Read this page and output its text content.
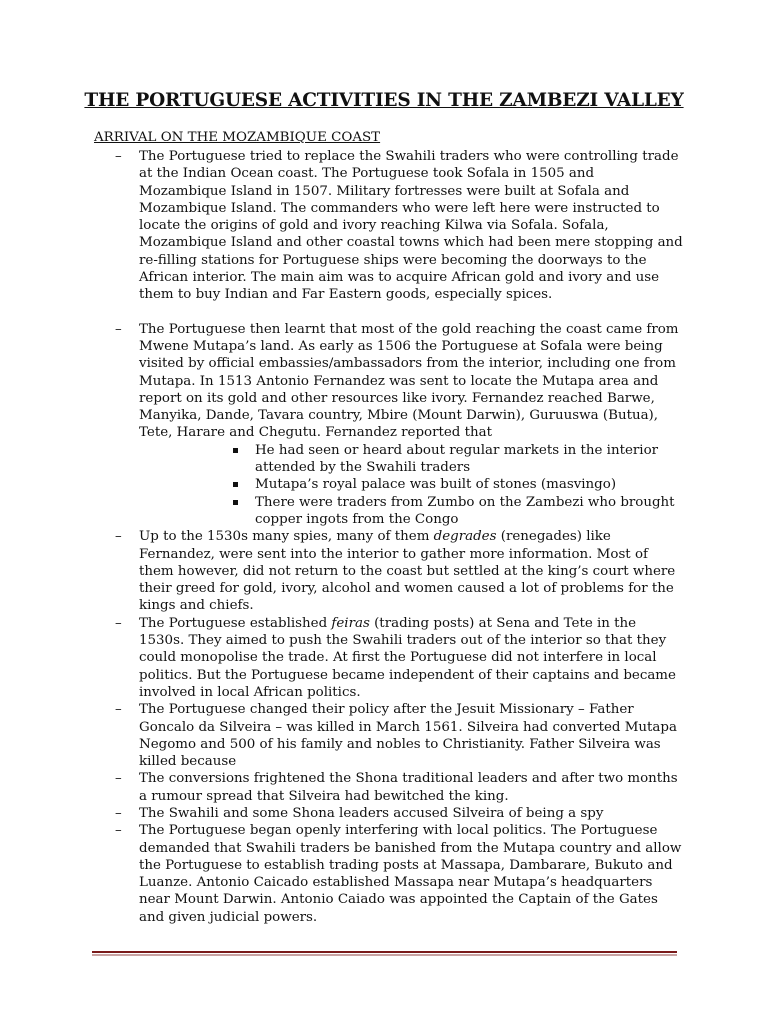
THE PORTUGUESE ACTIVITIES IN THE ZAMBEZI VALLEY
ARRIVAL ON THE MOZAMBIQUE COAST
– The Portuguese tried to replace the Swahili traders who were controlling trade at the Indian Ocean coast. The Portuguese took Sofala in 1505 and Mozambique Island in 1507. Military fortresses were built at Sofala and Mozambique Island. The commanders who were left here were instructed to locate the origins of gold and ivory reaching Kilwa via Sofala. Sofala, Mozambique Island and other coastal towns which had been mere stopping and re-filling stations for Portuguese ships were becoming the doorways to the African interior. The main aim was to acquire African gold and ivory and use them to buy Indian and Far Eastern goods, especially spices.
– The Portuguese then learnt that most of the gold reaching the coast came from Mwene Mutapa’s land. As early as 1506 the Portuguese at Sofala were being visited by official embassies/ambassadors from the interior, including one from Mutapa. In 1513 Antonio Fernandez was sent to locate the Mutapa area and report on its gold and other resources like ivory. Fernandez reached Barwe, Manyika, Dande, Tavara country, Mbire (Mount Darwin), Guruuswa (Butua), Tete, Harare and Chegutu. Fernandez reported that
He had seen or heard about regular markets in the interior attended by the Swahili traders
Mutapa’s royal palace was built of stones (masvingo)
There were traders from Zumbo on the Zambezi who brought copper ingots from the Congo
– Up to the 1530s many spies, many of them degrades (renegades) like Fernandez, were sent into the interior to gather more information. Most of them however, did not return to the coast but settled at the king’s court where their greed for gold, ivory, alcohol and women caused a lot of problems for the kings and chiefs.
– The Portuguese established feiras (trading posts) at Sena and Tete in the 1530s. They aimed to push the Swahili traders out of the interior so that they could monopolise the trade. At first the Portuguese did not interfere in local politics. But the Portuguese became independent of their captains and became involved in local African politics.
– The Portuguese changed their policy after the Jesuit Missionary – Father Goncalo da Silveira – was killed in March 1561. Silveira had converted Mutapa Negomo and 500 of his family and nobles to Christianity. Father Silveira was killed because
– The conversions frightened the Shona traditional leaders and after two months a rumour spread that Silveira had bewitched the king.
– The Swahili and some Shona leaders accused Silveira of being a spy
– The Portuguese began openly interfering with local politics. The Portuguese demanded that Swahili traders be banished from the Mutapa country and allow the Portuguese to establish trading posts at Massapa, Dambarare, Bukuto and Luanze. Antonio Caicado established Massapa near Mutapa’s headquarters near Mount Darwin. Antonio Caiado was appointed the Captain of the Gates and given judicial powers.
